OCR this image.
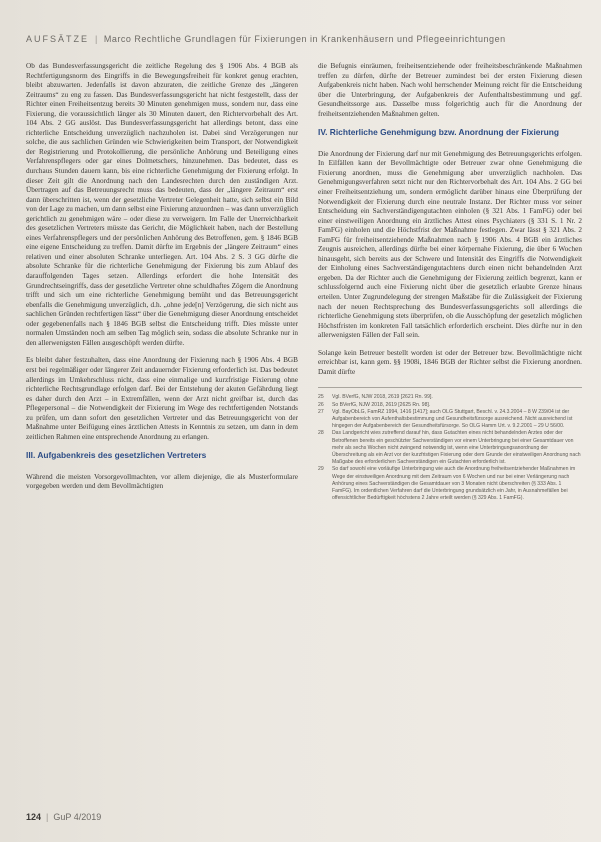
AUFSÄTZE | Marco Rechtliche Grundlagen für Fixierungen in Krankenhäusern und Pflegeeinrichtungen

Ob das Bundesverfassungsgericht die zeitliche Regelung des § 1906 Abs. 4 BGB als Rechtfertigungsnorm des Eingriffs in die Bewegungsfreiheit für konkret genug erachten, bleibt abzuwarten. Jedenfalls ist davon abzuraten, die zeitliche Grenze des „längeren Zeitraums“ zu eng zu fassen. Das Bundesverfassungsgericht hat nicht festgestellt, dass der Richter einen Freiheitsentzug bereits 30 Minuten genehmigen muss, sondern nur, dass eine Fixierung, die voraussichtlich länger als 30 Minuten dauert, den Richtervorbehalt des Art. 104 Abs. 2 GG auslöst. Das Bundesverfassungsgericht hat allerdings betont, dass eine richterliche Entscheidung unverzüglich nachzuholen ist. Dabei sind Verzögerungen nur solche, die aus sachlichen Gründen wie Schwierigkeiten beim Transport, der Notwendigkeit der Registrierung und Protokollierung, die persönliche Anhörung und Beteiligung eines Verfahrenspflegers oder gar eines Dolmetschers, hinzunehmen. Das bedeutet, dass es durchaus Stunden dauern kann, bis eine richterliche Genehmigung der Fixierung erfolgt. In dieser Zeit gilt die Anordnung nach den Landesrechten durch den zuständigen Arzt. Übertragen auf das Betreuungsrecht muss das bedeuten, dass der „längere Zeitraum“ erst dann überschritten ist, wenn der gesetzliche Vertreter Gelegenheit hatte, sich selbst ein Bild von der Lage zu machen, um dann selbst eine Fixierung anzuordnen – was dann unverzüglich gerichtlich zu genehmigen wäre – oder diese zu verweigern. Im Falle der Unerreichbarkeit des gesetzlichen Vertreters müsste das Gericht, die Möglichkeit haben, nach der Bestellung eines Verfahrenspflegers und der persönlichen Anhörung des Betroffenen, gem. § 1846 BGB eine eigene Entscheidung zu treffen. Damit dürfte im Ergebnis der „längere Zeitraum“ eines relativen und einer absoluten Schranke unterliegen. Art. 104 Abs. 2 S. 3 GG dürfte die absolute Schranke für die richterliche Genehmigung der Fixierung bis zum Ablauf des darauffolgenden Tages setzen. Allerdings erfordert die hohe Intensität des Grundrechtseingriffs, dass der gesetzliche Vertreter ohne schuldhaftes Zögern die Anordnung trifft und sich um eine richterliche Genehmigung bemüht und das Betreuungsgericht ebenfalls die Genehmigung unverzüglich, d.h. „ohne jede[n] Verzögerung, die sich nicht aus sachlichen Gründen rechtfertigen lässt“ über die Genehmigung dieser Anordnung entscheidet oder gegebenenfalls nach § 1846 BGB selbst die Entscheidung trifft. Dies müsste unter normalen Umständen noch am selben Tag möglich sein, sodass die absolute Schranke nur in den allerwenigsten Fällen ausgeschöpft werden dürfte.

Es bleibt daher festzuhalten, dass eine Anordnung der Fixierung nach § 1906 Abs. 4 BGB erst bei regelmäßiger oder längerer Zeit andauernder Fixierung erforderlich ist. Das bedeutet allerdings im Umkehrschluss nicht, dass eine einmalige und kurzfristige Fixierung ohne richterliche Rechtsgrundlage erfolgen darf. Bei der Entstehung der akuten Gefährdung liegt es daher durch den Arzt – in Extremfällen, wenn der Arzt nicht greifbar ist, durch das Pflegepersonal – die Notwendigkeit der Fixierung im Wege des rechtfertigenden Notstands zu prüfen, um dann sofort den gesetzlichen Vertreter und das Betreuungsgericht von der Maßnahme unter Beifügung eines ärztlichen Attests in Kenntnis zu setzen, um dann in dem zeitlichen Rahmen eine entsprechende Anordnung zu erlangen.

III. Aufgabenkreis des gesetzlichen Vertreters

Während die meisten Vorsorgevollmachten, vor allem diejenige, die als Musterformulare vorgegeben werden und dem Bevollmächtigten

die Befugnis einräumen, freiheitsentziehende oder freiheitsbeschränkende Maßnahmen treffen zu dürfen, dürfte der Betreuer zumindest bei der ersten Fixierung diesen Aufgabenkreis nicht haben. Nach wohl herrschender Meinung reicht für die Entscheidung über die Unterbringung, der Aufgabenkreis der Aufenthaltsbestimmung und ggf. Gesundheitssorge aus. Dasselbe muss folgerichtig auch für die Anordnung der freiheitsentziehenden Maßnahmen gelten.

IV. Richterliche Genehmigung bzw. Anordnung der Fixierung

Die Anordnung der Fixierung darf nur mit Genehmigung des Betreuungsgerichts erfolgen. In Eilfällen kann der Bevollmächtigte oder Betreuer zwar ohne Genehmigung die Fixierung anordnen, muss die Genehmigung aber unverzüglich nachholen. Das Genehmigungsverfahren setzt nicht nur den Richtervorbehalt des Art. 104 Abs. 2 GG bei einer Freiheitsentziehung um, sondern ermöglicht darüber hinaus eine Überprüfung der Notwendigkeit der Fixierung durch eine neutrale Instanz. Der Richter muss vor seiner Entscheidung ein Sachverständigengutachten einholen (§ 321 Abs. 1 FamFG) oder bei einer einstweiligen Anordnung ein ärztliches Attest eines Psychiaters (§ 331 S. 1 Nr. 2 FamFG) einholen und die Höchstfrist der Maßnahme festlegen. Zwar lässt § 321 Abs. 2 FamFG für freiheitsentziehende Maßnahmen nach § 1906 Abs. 4 BGB ein ärztliches Zeugnis ausreichen, allerdings dürfte bei einer körpernahe Fixierung, die über 6 Wochen hinausgeht, sich bereits aus der Schwere und Intensität des Eingriffs die Notwendigkeit der Einholung eines Sachverständigengutachtens durch einen nicht behandelnden Arzt ergeben. Da der Richter auch die Genehmigung der Fixierung zeitlich begrenzt, kann er schlussfolgernd auch eine Fixierung nicht über die gesetzlich erlaubte Grenze hinaus erteilen. Unter Zugrundelegung der strengen Maßstäbe für die Zulässigkeit der Fixierung nach der neuen Rechtsprechung des Bundesverfassungsgerichts soll allerdings die richterliche Genehmigung stets überprüfen, ob die Ausschöpfung der gesetzlich möglichen Höchstfristen im konkreten Fall tatsächlich erforderlich erscheint. Dies dürfte nur in den allerwenigsten Fällen der Fall sein.

Solange kein Betreuer bestellt worden ist oder der Betreuer bzw. Bevollmächtigte nicht erreichbar ist, kann gem. §§ 1908i, 1846 BGB der Richter selbst die Fixierung anordnen. Damit dürfte

25	Vgl. BVerfG, NJW 2018, 2619 [2621 Rn. 99].
26	So BVerfG, NJW 2018, 2619 [2625 Rn. 98].
27	Vgl. BayObLG, FamRZ 1994, 1416 [1417]; auch OLG Stuttgart, Beschl. v. 24.3.2004 – 8 W 239/04 ist der Aufgabenbereich von Aufenthaltsbestimmung und Gesundheitsfürsorge ausreichend. Nicht ausreichend ist hingegen der Aufgabenbereich der Gesundheitsfürsorge. So OLG Hamm Urt. v. 9.2.2001 – 29 U 56/00.
28	Das Landgericht wies zutreffend darauf hin, dass Gutachten eines nicht behandelnden Arztes oder der Betroffenen bereits ein geschützter Sachverständigen vor einem Unterbringung bei einer Gesamtdauer von mehr als sechs Wochen nicht zwingend notwendig ist, wenn eine Unterbringungsanordnung der Überschreitung als ein Arzt vor der kurzfristigen Fixierung oder dem Grunde der einstweiligen Anordnung nach Maßgabe des erforderlichen Sachverständigen ein Gutachten erforderlich ist.
29	So darf sowohl eine vorläufige Unterbringung wie auch die Anordnung freiheitsentziehender Maßnahmen im Wege der einstweiligen Anordnung mit dem Zeitraum von 6 Wochen und nur bei einer Verlängerung nach Anhörung eines Sachverständigen die Gesamtdauer von 3 Monaten nicht überschreiten (§ 333 Abs. 1 FamFG). Im ordentlichen Verfahren darf die Unterbringung grundsätzlich ein Jahr, in Ausnahmefällen bei offensichtlicher Bedürftigkeit höchstens 2 Jahre erteilt werden (§ 329 Abs. 1 FamFG).
124 | GuP 4/2019
